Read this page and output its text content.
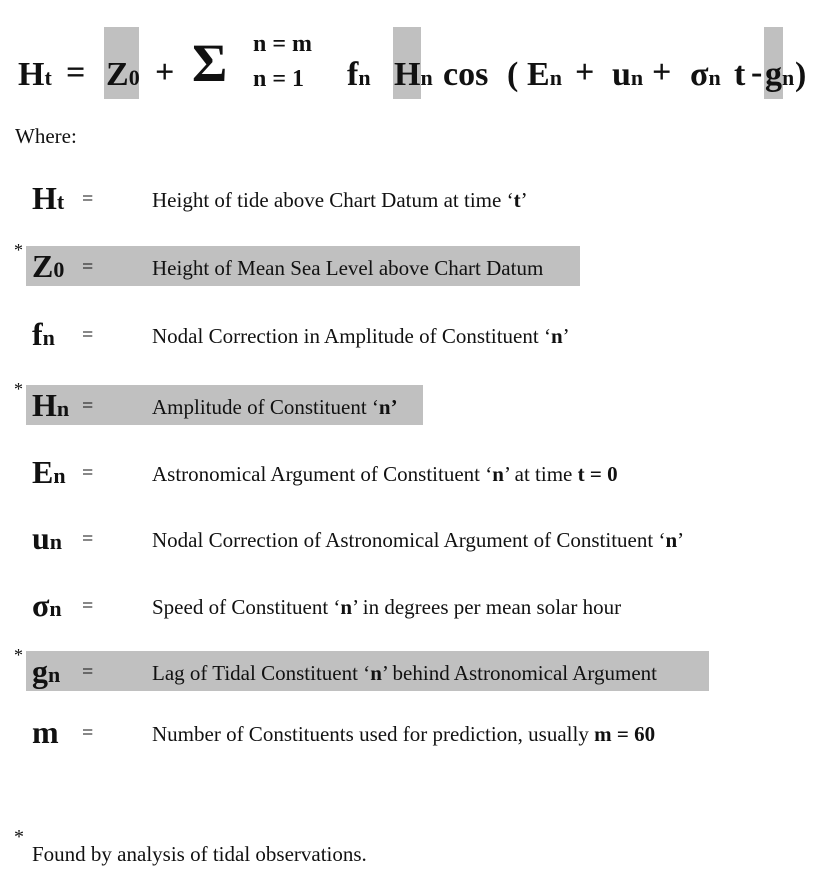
Ht = Z0 + Σ n = m
n = 1 fn Hn cos ( En + un + σn t - gn )
Where:
Ht =	Height of tide above Chart Datum at time ‘t’
* Z0 =	Height of Mean Sea Level above Chart Datum
fn =	Nodal Correction in Amplitude of Constituent ‘n’
* Hn =	Amplitude of Constituent ‘n’
En =	Astronomical Argument of Constituent ‘n’ at time t = 0
un =	Nodal Correction of Astronomical Argument of Constituent ‘n’
σn =	Speed of Constituent ‘n’ in degrees per mean solar hour
* gn =	Lag of Tidal Constituent ‘n’ behind Astronomical Argument
m =	Number of Constituents used for prediction, usually m = 60
*
Found by analysis of tidal observations.
